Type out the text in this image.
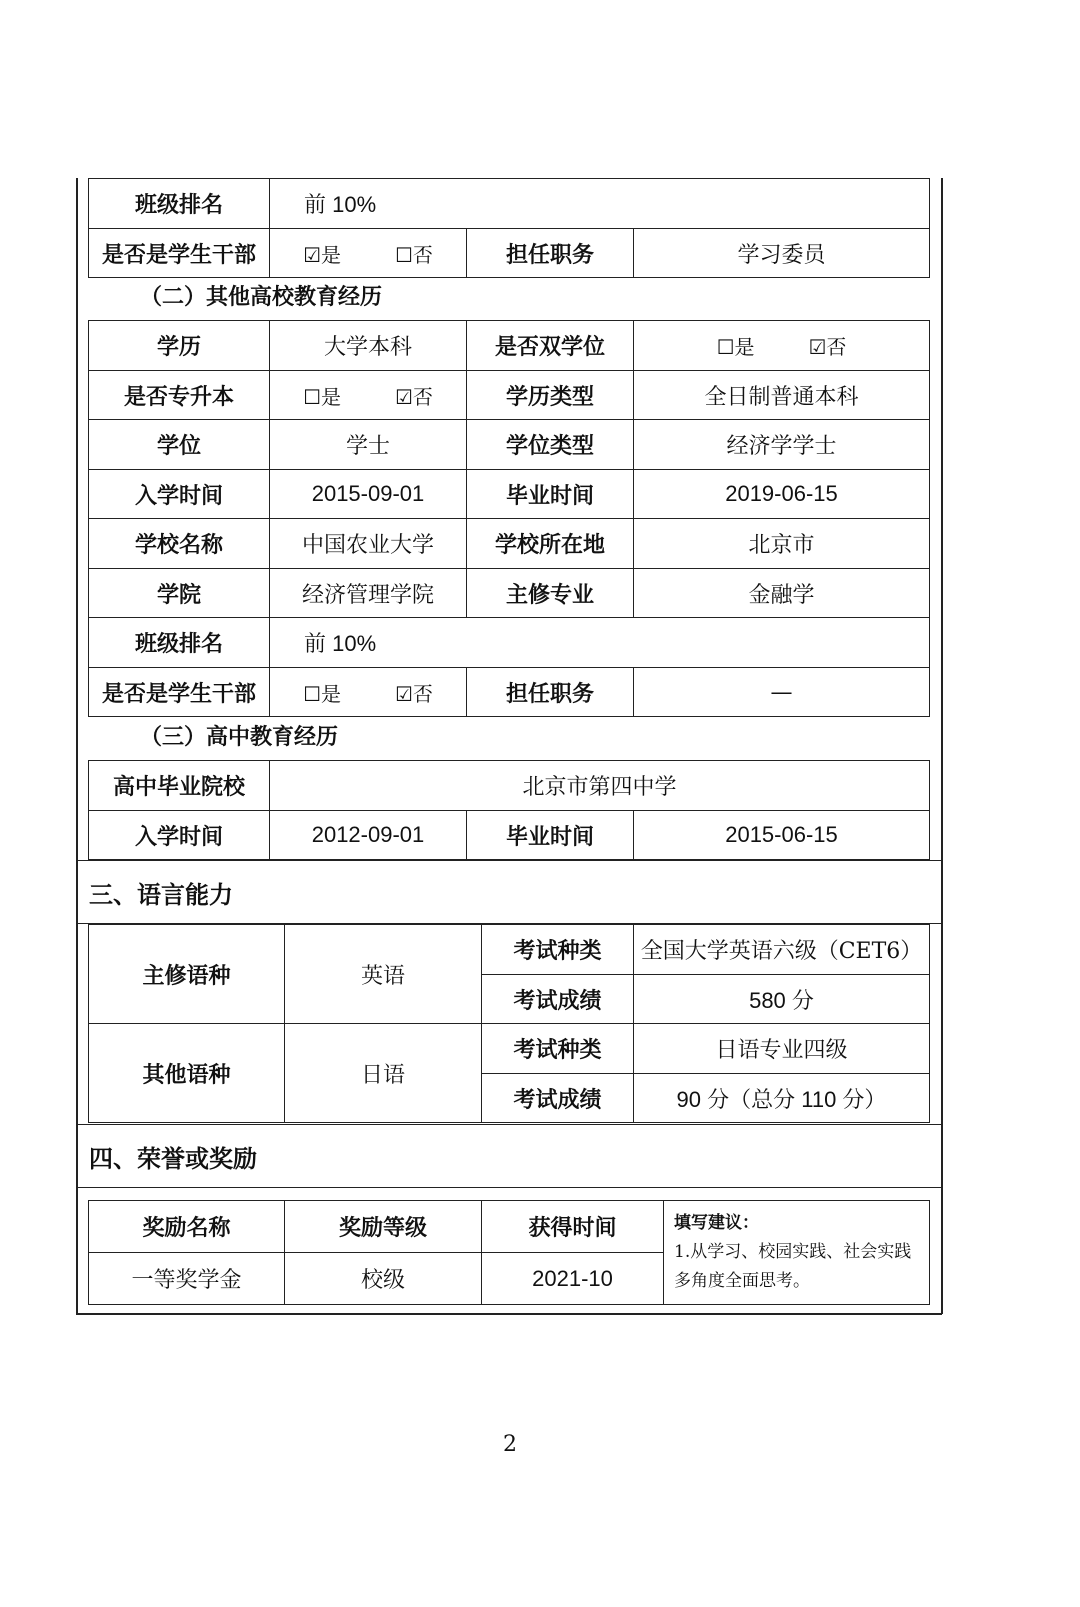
班级排名	前 10%		
是否是学生干部	☑是 ☐否	担任职务	学习委员
（二）其他高校教育经历
学历	大学本科	是否双学位	☐是 ☑否
是否专升本	☐是 ☑否	学历类型	全日制普通本科
学位	学士	学位类型	经济学学士
入学时间	2015-09-01	毕业时间	2019-06-15
学校名称	中国农业大学	学校所在地	北京市
学院	经济管理学院	主修专业	金融学
班级排名	前 10%		
是否是学生干部	☐是 ☑否	担任职务	—
（三）高中教育经历
高中毕业院校	北京市第四中学		
入学时间	2012-09-01	毕业时间	2015-06-15
三、语言能力
主修语种	英语	考试种类	全国大学英语六级（CET6）
		考试成绩	580 分
其他语种	日语	考试种类	日语专业四级
		考试成绩	90 分（总分 110 分）
四、荣誉或奖励
奖励名称	奖励等级	获得时间	填写建议：
1.从学习、校园实践、社会实践多角度全面思考。

一等奖学金	校级	2021-10	
2
